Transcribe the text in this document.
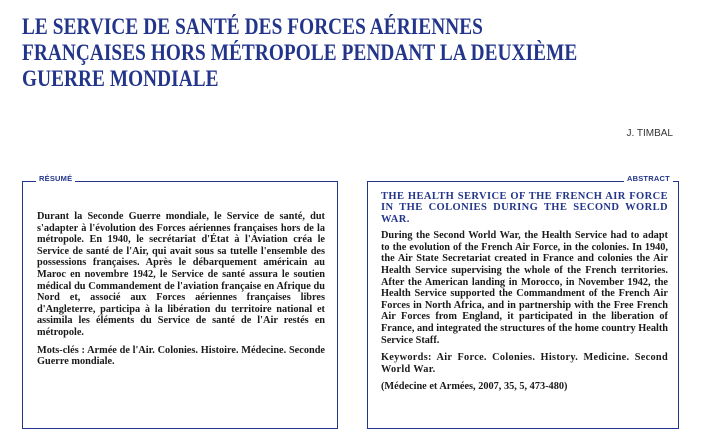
LE SERVICE DE SANTÉ DES FORCES AÉRIENNES
FRANÇAISES HORS MÉTROPOLE PENDANT LA DEUXIÈME
GUERRE MONDIALE
J. TIMBAL
RÉSUMÉ

Durant la Seconde Guerre mondiale, le Service de santé, dut s'adapter à l'évolution des Forces aériennes françaises hors de la métropole. En 1940, le secrétariat d'État à l'Aviation créa le Service de santé de l'Air, qui avait sous sa tutelle l'ensemble des possessions françaises. Après le débarquement américain au Maroc en novembre 1942, le Service de santé assura le soutien médical du Commandement de l'aviation française en Afrique du Nord et, associé aux Forces aériennes françaises libres d'Angleterre, participa à la libération du territoire national et assimila les éléments du Service de santé de l'Air restés en métropole.

Mots-clés : Armée de l'Air. Colonies. Histoire. Médecine. Seconde Guerre mondiale.

ABSTRACT
THE HEALTH SERVICE OF THE FRENCH AIR FORCE IN THE COLONIES DURING THE SECOND WORLD WAR.

During the Second World War, the Health Service had to adapt to the evolution of the French Air Force, in the colonies. In 1940, the Air State Secretariat created in France and colonies the Air Health Service supervising the whole of the French territories. After the American landing in Morocco, in November 1942, the Health Service supported the Commandment of the French Air Forces in North Africa, and in partnership with the Free French Air Forces from England, it participated in the liberation of France, and integrated the structures of the home country Health Service Staff.

Keywords: Air Force. Colonies. History. Medicine. Second World War.

(Médecine et Armées, 2007, 35, 5, 473-480)
